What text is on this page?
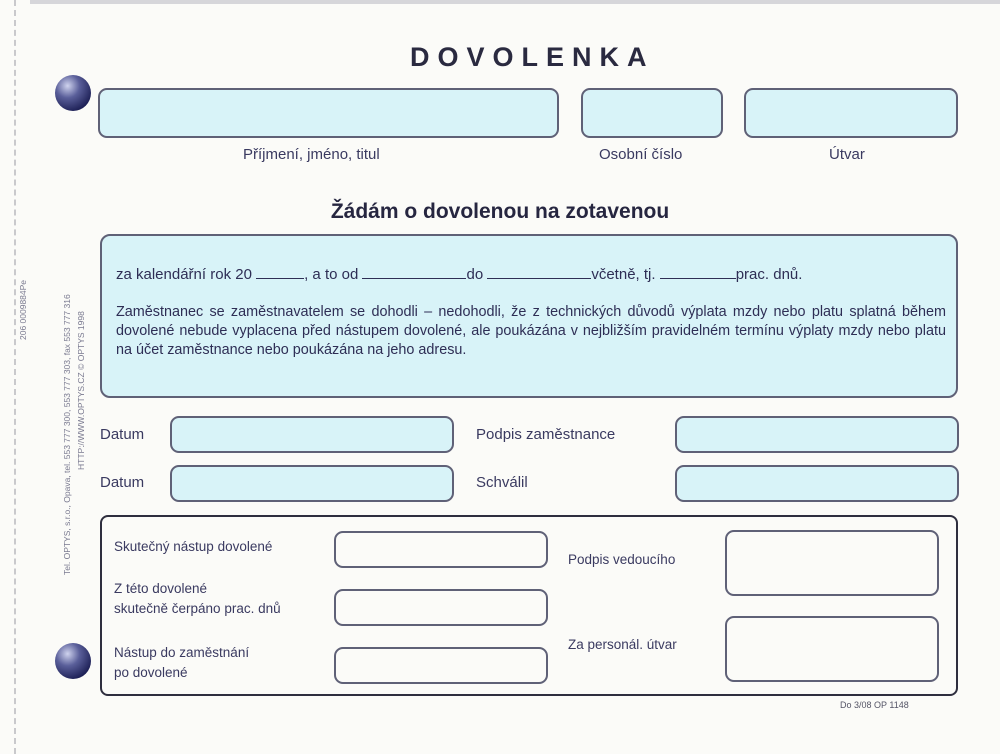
206 0009884Pe	Tel. OPTYS, s.r.o., Opava, tel. 553 777 300, 553 777 303, fax 553 777 316 HTTP://WWW.OPTYS.CZ © OPTYS 1998
DOVOLENKA
Příjmení, jméno, titul	Osobní číslo	Útvar
Žádám o dovolenou na zotavenou
za kalendářní rok 20	, a to od	do	včetně, tj.	prac. dnů.
Zaměstnanec se zaměstnavatelem se dohodli – nedohodli, že z technických důvodů výplata mzdy nebo platu splatná během dovolené nebude vyplacena před nástupem dovolené, ale poukázána v nejbližším pravidelném termínu výplaty mzdy nebo platu na účet zaměstnance nebo poukázána na jeho adresu.
Datum	Podpis zaměstnance
Datum	Schválil
Skutečný nástup dovolené
Z této dovolené
skutečně čerpáno prac. dnů
Nástup do zaměstnání
po dovolené
Podpis vedoucího
Za personál. útvar
Do 3/08 OP 1148
